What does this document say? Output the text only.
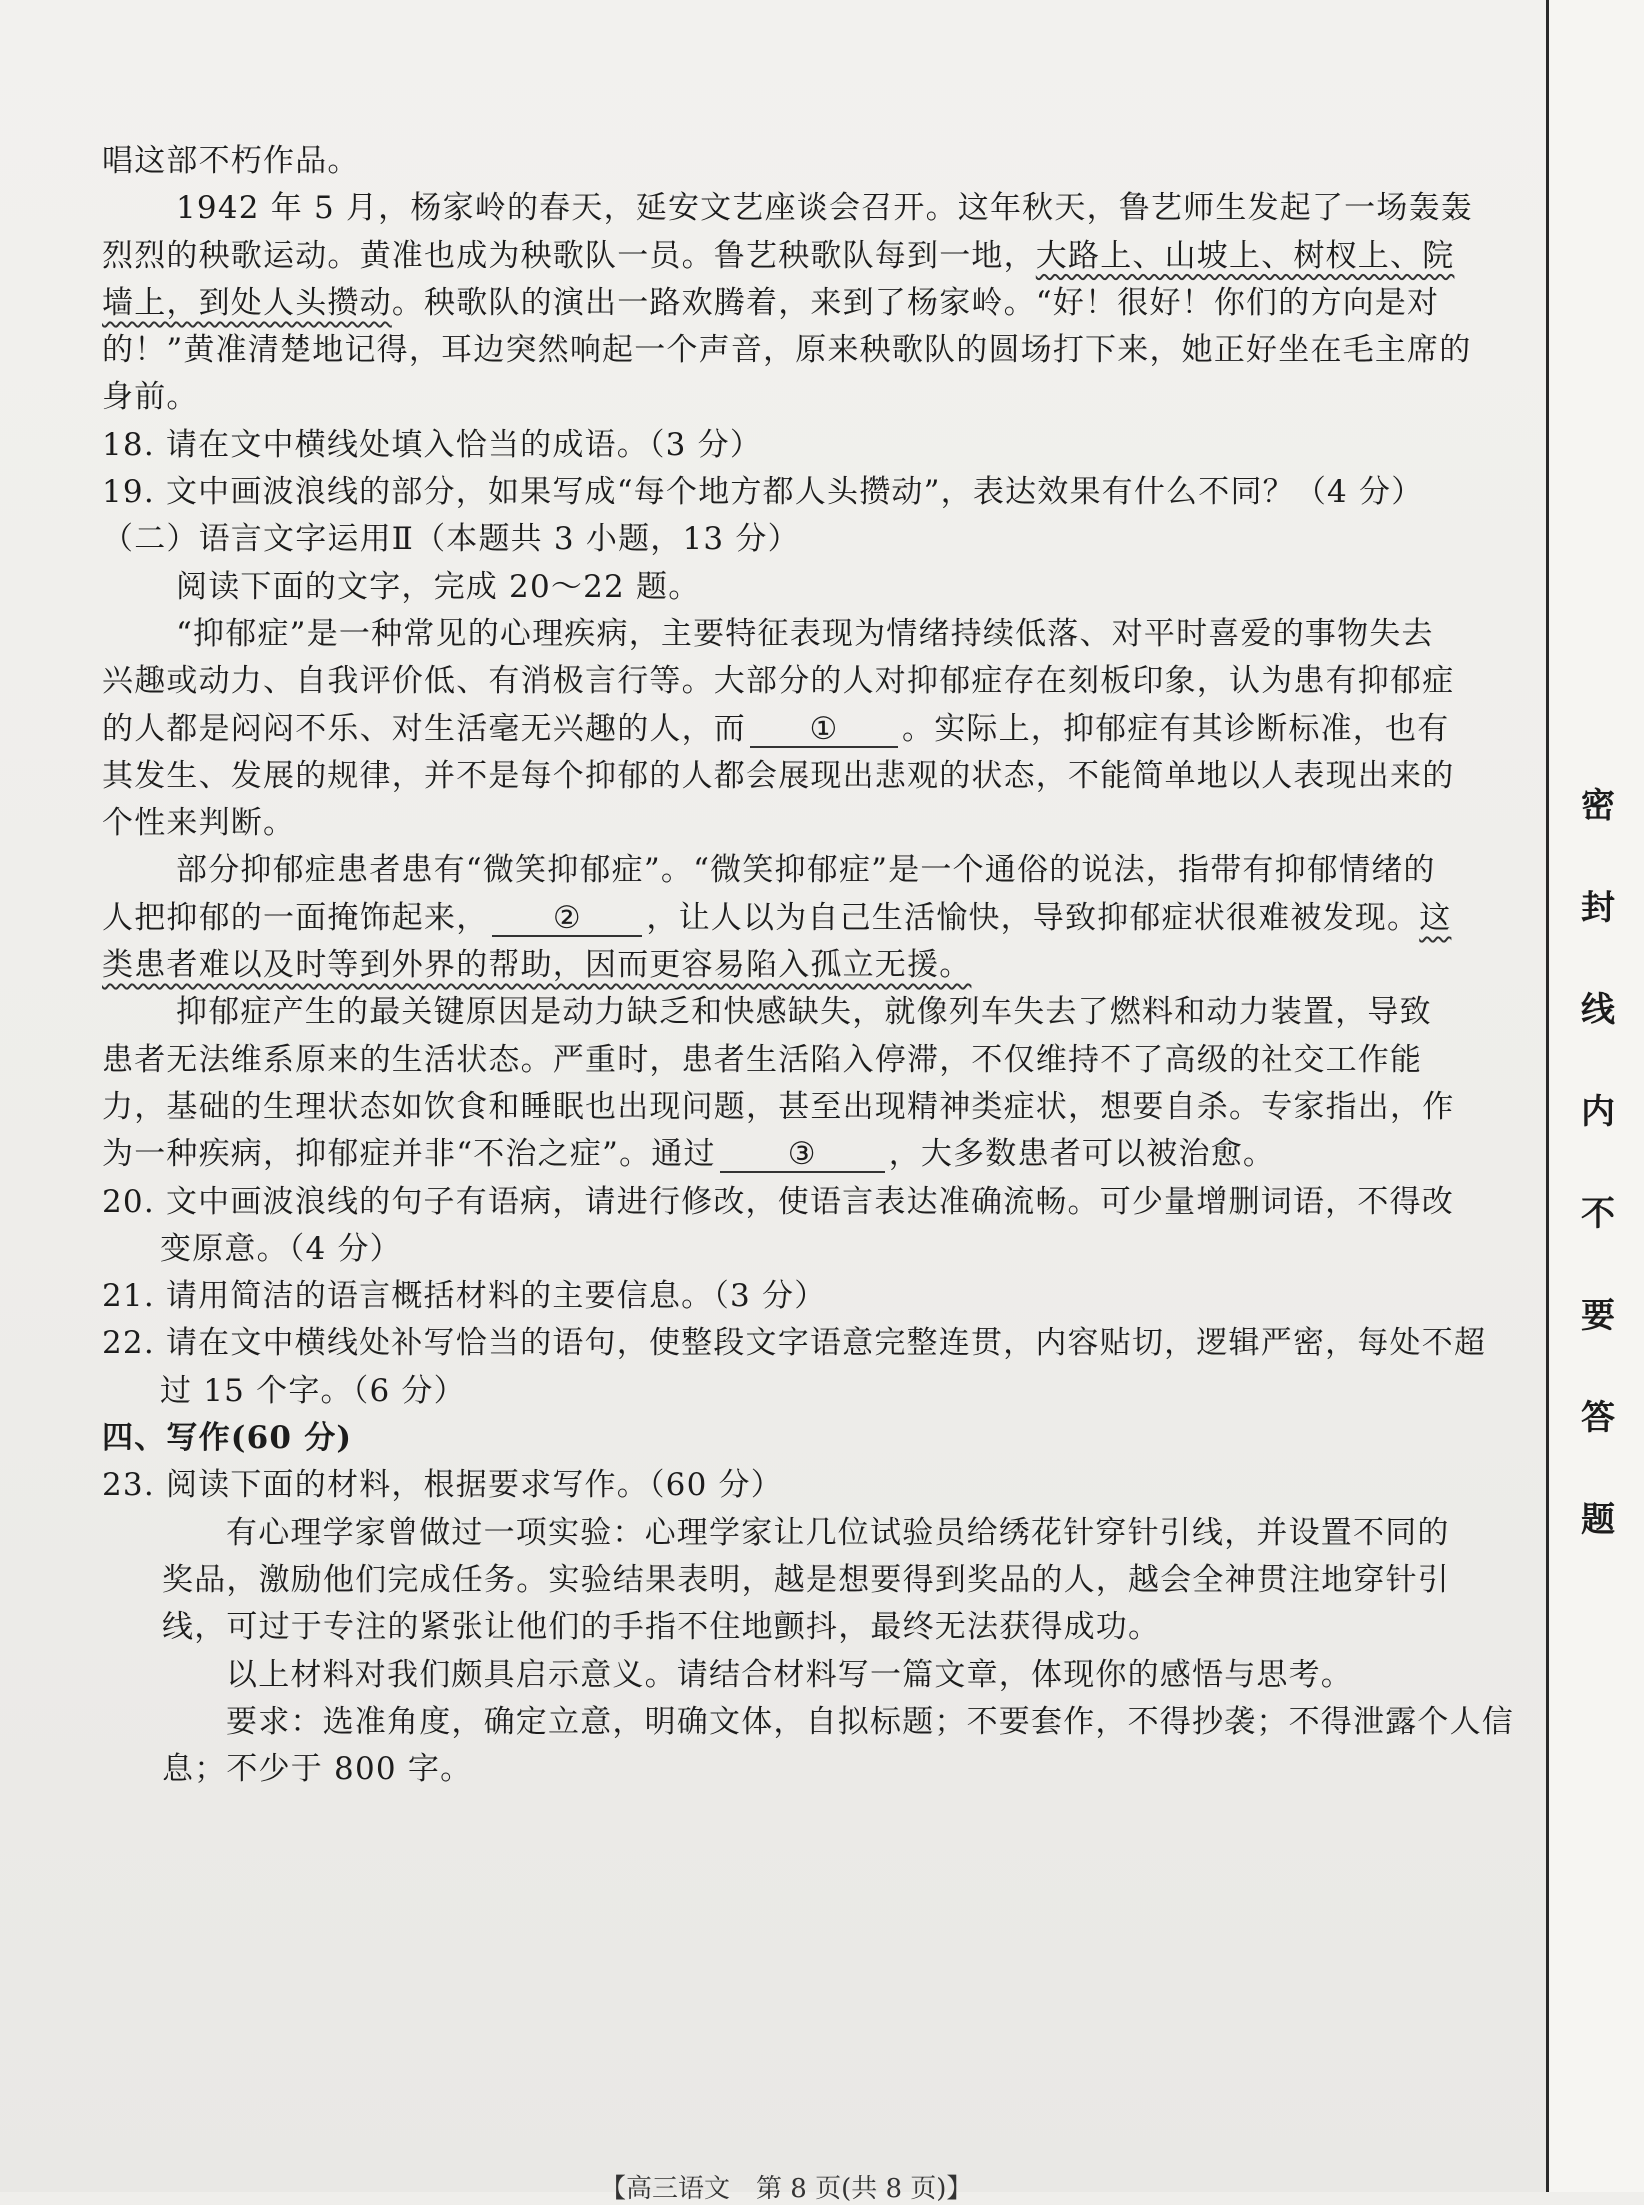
唱这部不朽作品。

1942 年 5 月，杨家岭的春天，延安文艺座谈会召开。这年秋天，鲁艺师生发起了一场轰轰

烈烈的秧歌运动。黄准也成为秧歌队一员。鲁艺秧歌队每到一地，大路上、山坡上、树杈上、院

墙上，到处人头攒动。秧歌队的演出一路欢腾着，来到了杨家岭。“好！很好！你们的方向是对

的！”黄准清楚地记得，耳边突然响起一个声音，原来秧歌队的圆场打下来，她正好坐在毛主席的

身前。

18. 请在文中横线处填入恰当的成语。（3 分）

19. 文中画波浪线的部分，如果写成“每个地方都人头攒动”，表达效果有什么不同？（4 分）

（二）语言文字运用Ⅱ（本题共 3 小题，13 分）

阅读下面的文字，完成 20～22 题。

“抑郁症”是一种常见的心理疾病，主要特征表现为情绪持续低落、对平时喜爱的事物失去

兴趣或动力、自我评价低、有消极言行等。大部分的人对抑郁症存在刻板印象，认为患有抑郁症

的人都是闷闷不乐、对生活毫无兴趣的人，而 ① 。实际上，抑郁症有其诊断标准，也有

其发生、发展的规律，并不是每个抑郁的人都会展现出悲观的状态，不能简单地以人表现出来的

个性来判断。

部分抑郁症患者患有“微笑抑郁症”。“微笑抑郁症”是一个通俗的说法，指带有抑郁情绪的

人把抑郁的一面掩饰起来， ② ，让人以为自己生活愉快，导致抑郁症状很难被发现。这

类患者难以及时等到外界的帮助，因而更容易陷入孤立无援。

抑郁症产生的最关键原因是动力缺乏和快感缺失，就像列车失去了燃料和动力装置，导致

患者无法维系原来的生活状态。严重时，患者生活陷入停滞，不仅维持不了高级的社交工作能

力，基础的生理状态如饮食和睡眠也出现问题，甚至出现精神类症状，想要自杀。专家指出，作

为一种疾病，抑郁症并非“不治之症”。通过 ③ ，大多数患者可以被治愈。

20. 文中画波浪线的句子有语病，请进行修改，使语言表达准确流畅。可少量增删词语，不得改

变原意。（4 分）

21. 请用简洁的语言概括材料的主要信息。（3 分）

22. 请在文中横线处补写恰当的语句，使整段文字语意完整连贯，内容贴切，逻辑严密，每处不超

过 15 个字。（6 分）

四、写作(60 分)

23. 阅读下面的材料，根据要求写作。（60 分）

有心理学家曾做过一项实验：心理学家让几位试验员给绣花针穿针引线，并设置不同的

奖品，激励他们完成任务。实验结果表明，越是想要得到奖品的人，越会全神贯注地穿针引

线，可过于专注的紧张让他们的手指不住地颤抖，最终无法获得成功。

以上材料对我们颇具启示意义。请结合材料写一篇文章，体现你的感悟与思考。

要求：选准角度，确定立意，明确文体，自拟标题；不要套作，不得抄袭；不得泄露个人信

息；不少于 800 字。

【高三语文　第 8 页(共 8 页)】
密
封
线
内
不
要
答
题
